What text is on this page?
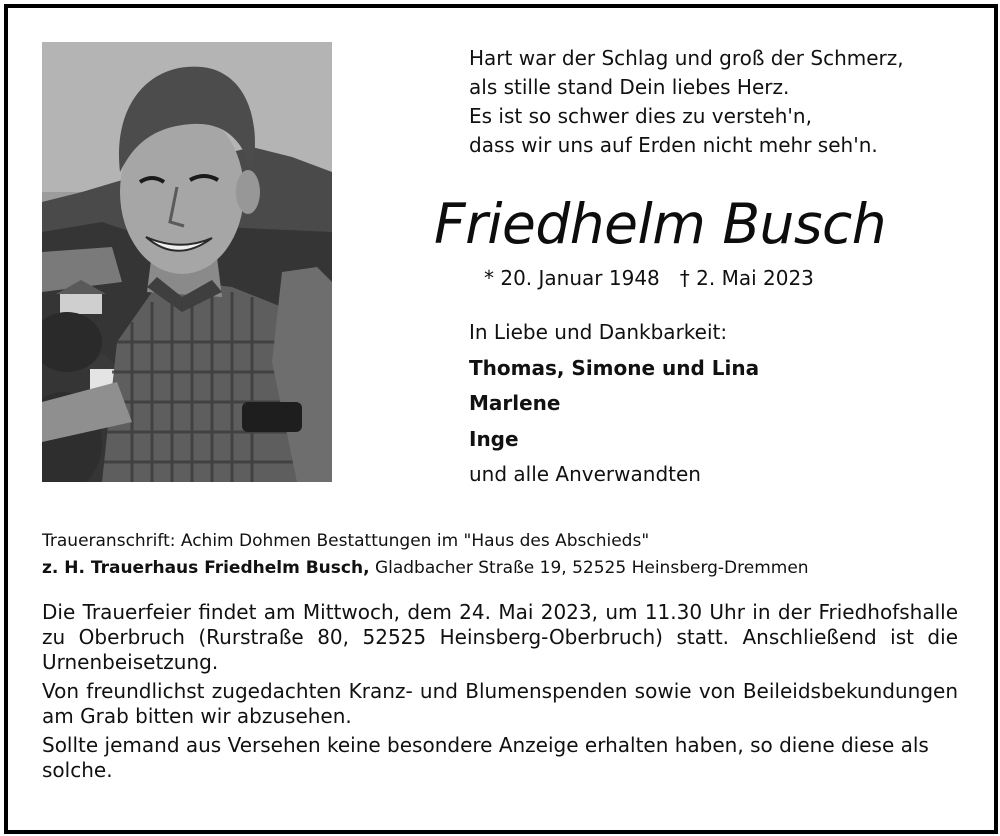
Hart war der Schlag und groß der Schmerz,
als stille stand Dein liebes Herz.
Es ist so schwer dies zu versteh'n,
dass wir uns auf Erden nicht mehr seh'n.
Friedhelm Busch
* 20. Januar 1948 † 2. Mai 2023
In Liebe und Dankbarkeit:
Thomas, Simone und Lina
Marlene
Inge
und alle Anverwandten
Traueranschrift: Achim Dohmen Bestattungen im "Haus des Abschieds"
z. H. Trauerhaus Friedhelm Busch, Gladbacher Straße 19, 52525 Heinsberg-Dremmen

Die Trauerfeier findet am Mittwoch, dem 24. Mai 2023, um 11.30 Uhr in der Friedhofshalle zu Oberbruch (Rurstraße 80, 52525 Heinsberg-Oberbruch) statt. Anschließend ist die Urnenbeisetzung.

Von freundlichst zugedachten Kranz- und Blumenspenden sowie von Beileidsbekundungen am Grab bitten wir abzusehen.

Sollte jemand aus Versehen keine besondere Anzeige erhalten haben, so diene diese als solche.
